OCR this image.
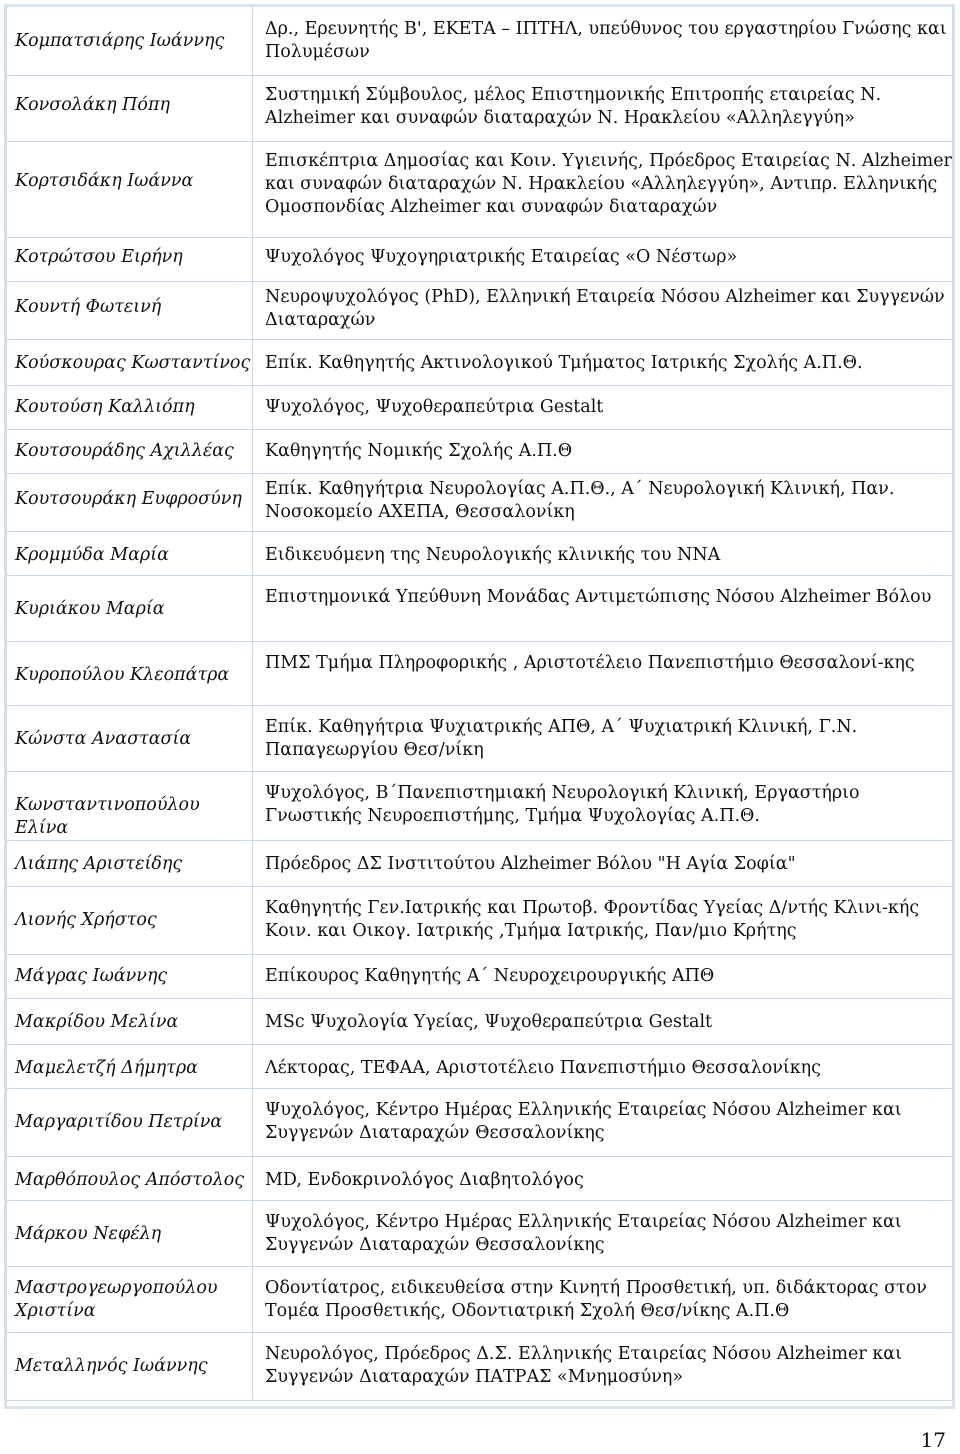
Κομπατσιάρης Ιωάννης	Δρ., Ερευνητής Β', ΕΚΕΤΑ – ΙΠΤΗΛ, υπεύθυνος του εργαστηρίου Γνώσης και Πολυμέσων

Κονσολάκη Πόπη	Συστημική Σύμβουλος, μέλος Επιστημονικής Επιτροπής εταιρείας Ν. Alzheimer και συναφών διαταραχών Ν. Ηρακλείου «Αλληλεγγύη»

Κορτσιδάκη Ιωάννα	Επισκέπτρια Δημοσίας και Κοιν. Υγιεινής, Πρόεδρος Εταιρείας Ν. Alzheimer και συναφών διαταραχών Ν. Ηρακλείου «Αλληλεγγύη», Αντιπρ. Ελληνικής Ομοσπονδίας Alzheimer και συναφών διαταραχών

Κοτρώτσου Ειρήνη	Ψυχολόγος Ψυχογηριατρικής Εταιρείας «Ο Νέστωρ»

Κουντή Φωτεινή	Νευροψυχολόγος (PhD), Ελληνική Εταιρεία Νόσου Alzheimer και Συγγενών Διαταραχών

Κούσκουρας Κωσταντίνος	Επίκ. Καθηγητής Ακτινολογικού Τμήματος Ιατρικής Σχολής Α.Π.Θ.

Κουτούση Καλλιόπη	Ψυχολόγος, Ψυχοθεραπεύτρια Gestalt

Κουτσουράδης Αχιλλέας	Καθηγητής Νομικής Σχολής Α.Π.Θ

Κουτσουράκη Ευφροσύνη	Επίκ. Καθηγήτρια Νευρολογίας Α.Π.Θ., Α΄ Νευρολογική Κλινική, Παν. Νοσοκομείο ΑΧΕΠΑ, Θεσσαλονίκη

Κρομμύδα Μαρία	Ειδικευόμενη της Νευρολογικής κλινικής του ΝΝΑ

Κυριάκου Μαρία	Επιστημονικά Υπεύθυνη Μονάδας Αντιμετώπισης Νόσου Alzheimer Βόλου

Κυροπούλου Κλεοπάτρα	ΠΜΣ Τμήμα Πληροφορικής , Αριστοτέλειο Πανεπιστήμιο Θεσσαλονί-κης

Κώνστα Αναστασία	Επίκ. Καθηγήτρια Ψυχιατρικής ΑΠΘ, Α΄ Ψυχιατρική Κλινική, Γ.Ν. Παπαγεωργίου Θεσ/νίκη

Κωνσταντινοπούλου Ελίνα	Ψυχολόγος, Β΄Πανεπιστημιακή Νευρολογική Κλινική, Εργαστήριο Γνωστικής Νευροεπιστήμης, Τμήμα Ψυχολογίας Α.Π.Θ.

Λιάπης Αριστείδης	Πρόεδρος ΔΣ Ινστιτούτου Alzheimer Βόλου "Η Αγία Σοφία"

Λιονής Χρήστος	Καθηγητής Γεν.Ιατρικής και Πρωτοβ. Φροντίδας Υγείας Δ/ντής Κλινι-κής Κοιν. και Οικογ. Ιατρικής ,Τμήμα Ιατρικής, Παν/μιο Κρήτης

Μάγρας Ιωάννης	Επίκουρος Καθηγητής Α΄ Νευροχειρουργικής ΑΠΘ

Μακρίδου Μελίνα	MSc Ψυχολογία Υγείας, Ψυχοθεραπεύτρια Gestalt

Μαμελετζή Δήμητρα	Λέκτορας, ΤΕΦΑΑ, Αριστοτέλειο Πανεπιστήμιο Θεσσαλονίκης

Μαργαριτίδου Πετρίνα	Ψυχολόγος, Κέντρο Ημέρας Ελληνικής Εταιρείας Νόσου Alzheimer και Συγγενών Διαταραχών Θεσσαλονίκης

Μαρθόπουλος Απόστολος	MD, Ενδοκρινολόγος Διαβητολόγος

Μάρκου Νεφέλη	Ψυχολόγος, Κέντρο Ημέρας Ελληνικής Εταιρείας Νόσου Alzheimer και Συγγενών Διαταραχών Θεσσαλονίκης

Μαστρογεωργοπούλου Χριστίνα	Οδοντίατρος, ειδικευθείσα στην Κινητή Προσθετική, υπ. διδάκτορας στον Τομέα Προσθετικής, Οδοντιατρική Σχολή Θεσ/νίκης Α.Π.Θ

Μεταλληνός Ιωάννης	Νευρολόγος, Πρόεδρος Δ.Σ. Ελληνικής Εταιρείας Νόσου Alzheimer και Συγγενών Διαταραχών ΠΑΤΡΑΣ «Μνημοσύνη»
17
